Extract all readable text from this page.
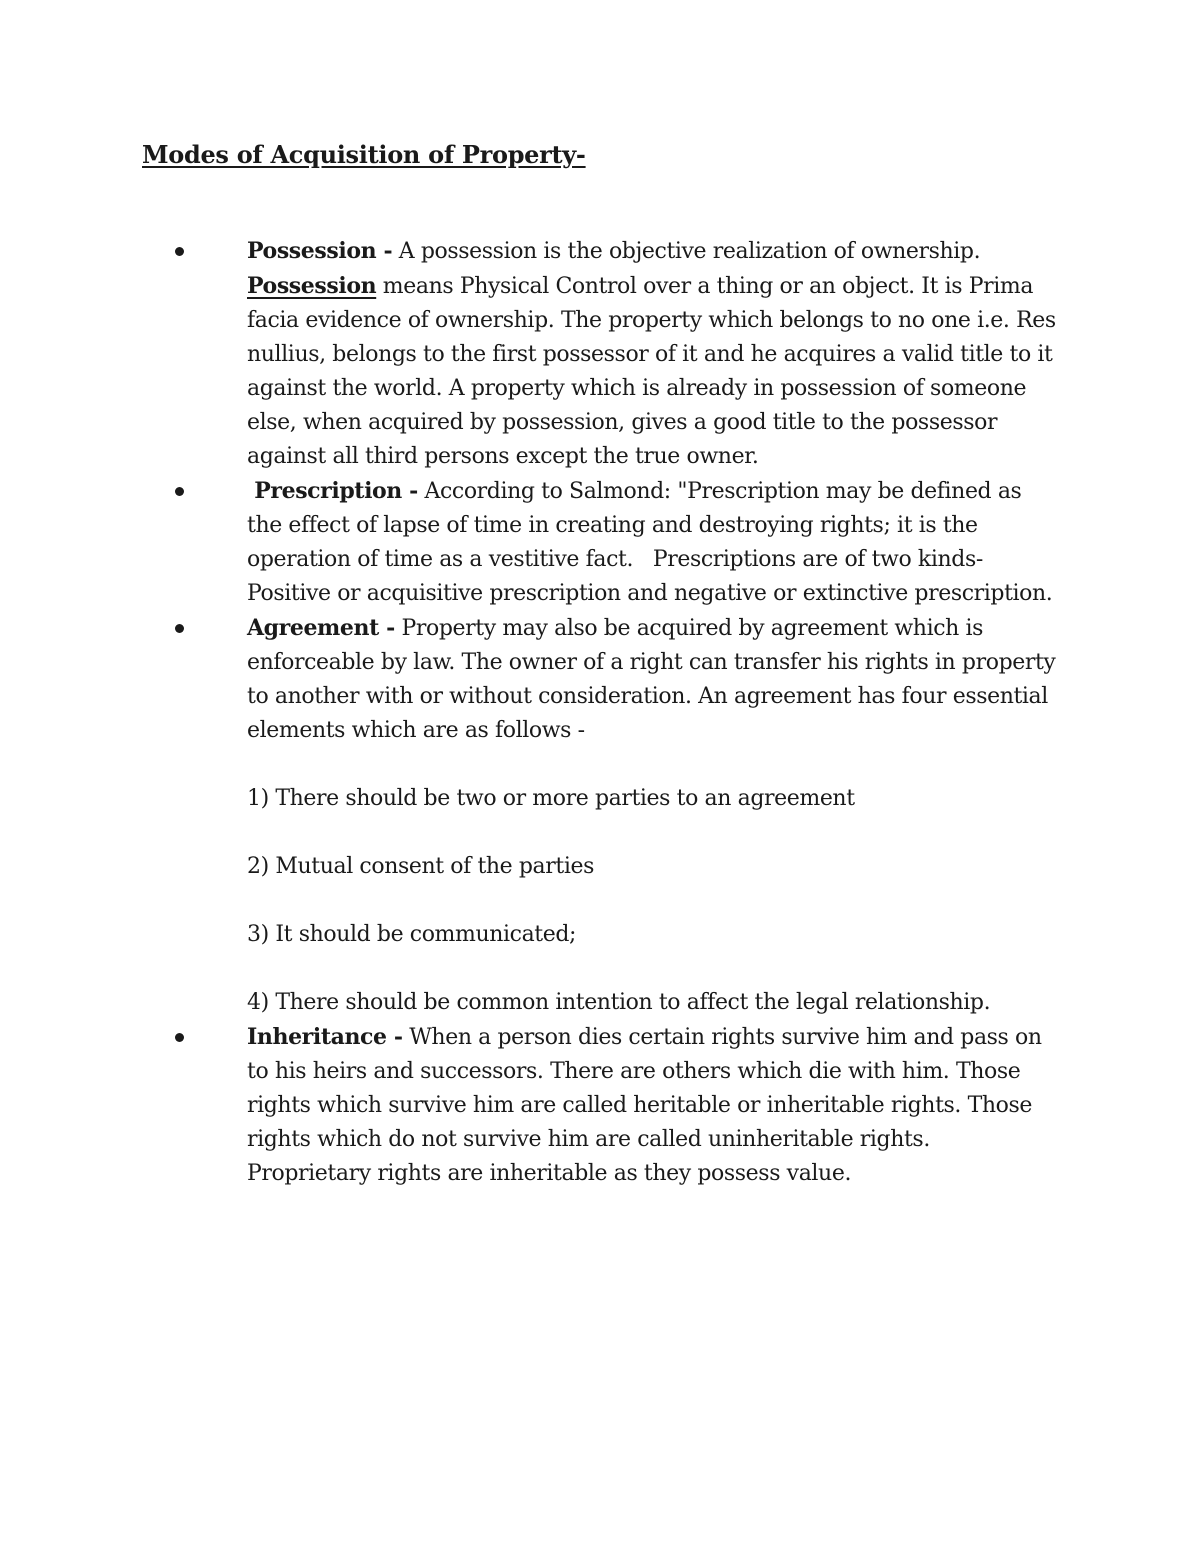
Modes of Acquisition of Property-
Possession - A possession is the objective realization of ownership. Possession means Physical Control over a thing or an object. It is Prima facia evidence of ownership. The property which belongs to no one i.e. Res nullius, belongs to the first possessor of it and he acquires a valid title to it against the world. A property which is already in possession of someone else, when acquired by possession, gives a good title to the possessor against all third persons except the true owner.
Prescription - According to Salmond: "Prescription may be defined as the effect of lapse of time in creating and destroying rights; it is the operation of time as a vestitive fact.   Prescriptions are of two kinds-Positive or acquisitive prescription and negative or extinctive prescription.
Agreement - Property may also be acquired by agreement which is enforceable by law. The owner of a right can transfer his rights in property to another with or without consideration. An agreement has four essential elements which are as follows -

1) There should be two or more parties to an agreement

2) Mutual consent of the parties

3) It should be communicated;

4) There should be common intention to affect the legal relationship.

Inheritance - When a person dies certain rights survive him and pass on to his heirs and successors. There are others which die with him. Those rights which survive him are called heritable or inheritable rights. Those rights which do not survive him are called uninheritable rights. Proprietary rights are inheritable as they possess value.
